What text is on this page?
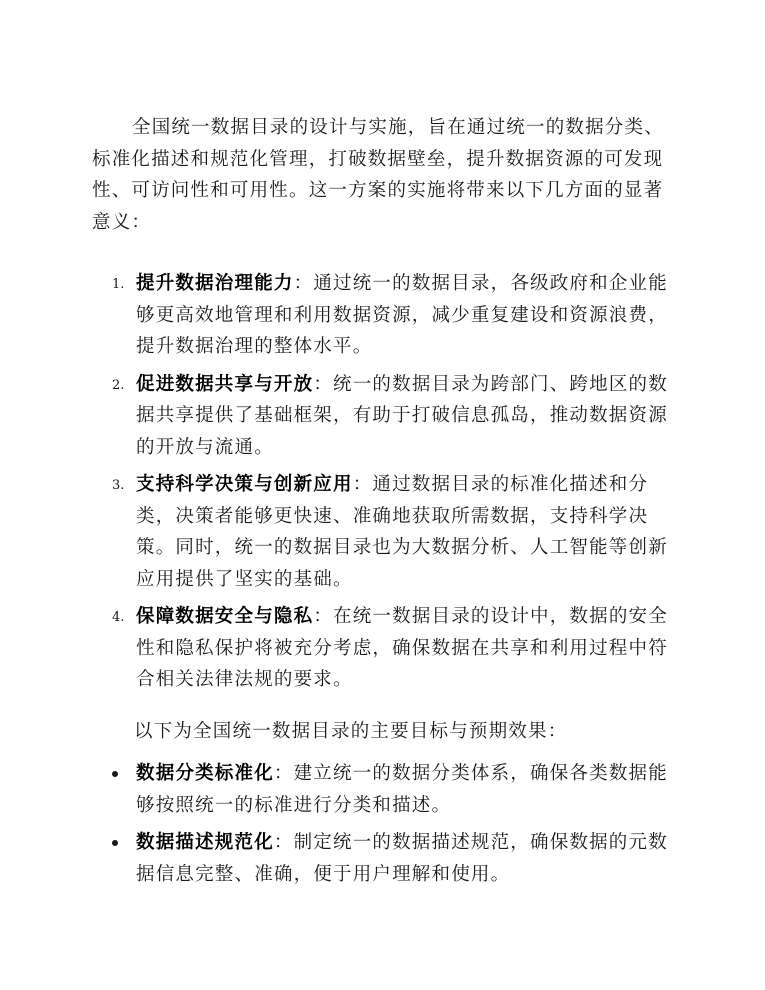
全国统一数据目录的设计与实施，旨在通过统一的数据分类、标准化描述和规范化管理，打破数据壁垒，提升数据资源的可发现性、可访问性和可用性。这一方案的实施将带来以下几方面的显著意义：

1. 提升数据治理能力：通过统一的数据目录，各级政府和企业能够更高效地管理和利用数据资源，减少重复建设和资源浪费，提升数据治理的整体水平。
2. 促进数据共享与开放：统一的数据目录为跨部门、跨地区的数据共享提供了基础框架，有助于打破信息孤岛，推动数据资源的开放与流通。
3. 支持科学决策与创新应用：通过数据目录的标准化描述和分类，决策者能够更快速、准确地获取所需数据，支持科学决策。同时，统一的数据目录也为大数据分析、人工智能等创新应用提供了坚实的基础。
4. 保障数据安全与隐私：在统一数据目录的设计中，数据的安全性和隐私保护将被充分考虑，确保数据在共享和利用过程中符合相关法律法规的要求。

以下为全国统一数据目录的主要目标与预期效果：

数据分类标准化：建立统一的数据分类体系，确保各类数据能够按照统一的标准进行分类和描述。
数据描述规范化：制定统一的数据描述规范，确保数据的元数据信息完整、准确，便于用户理解和使用。
